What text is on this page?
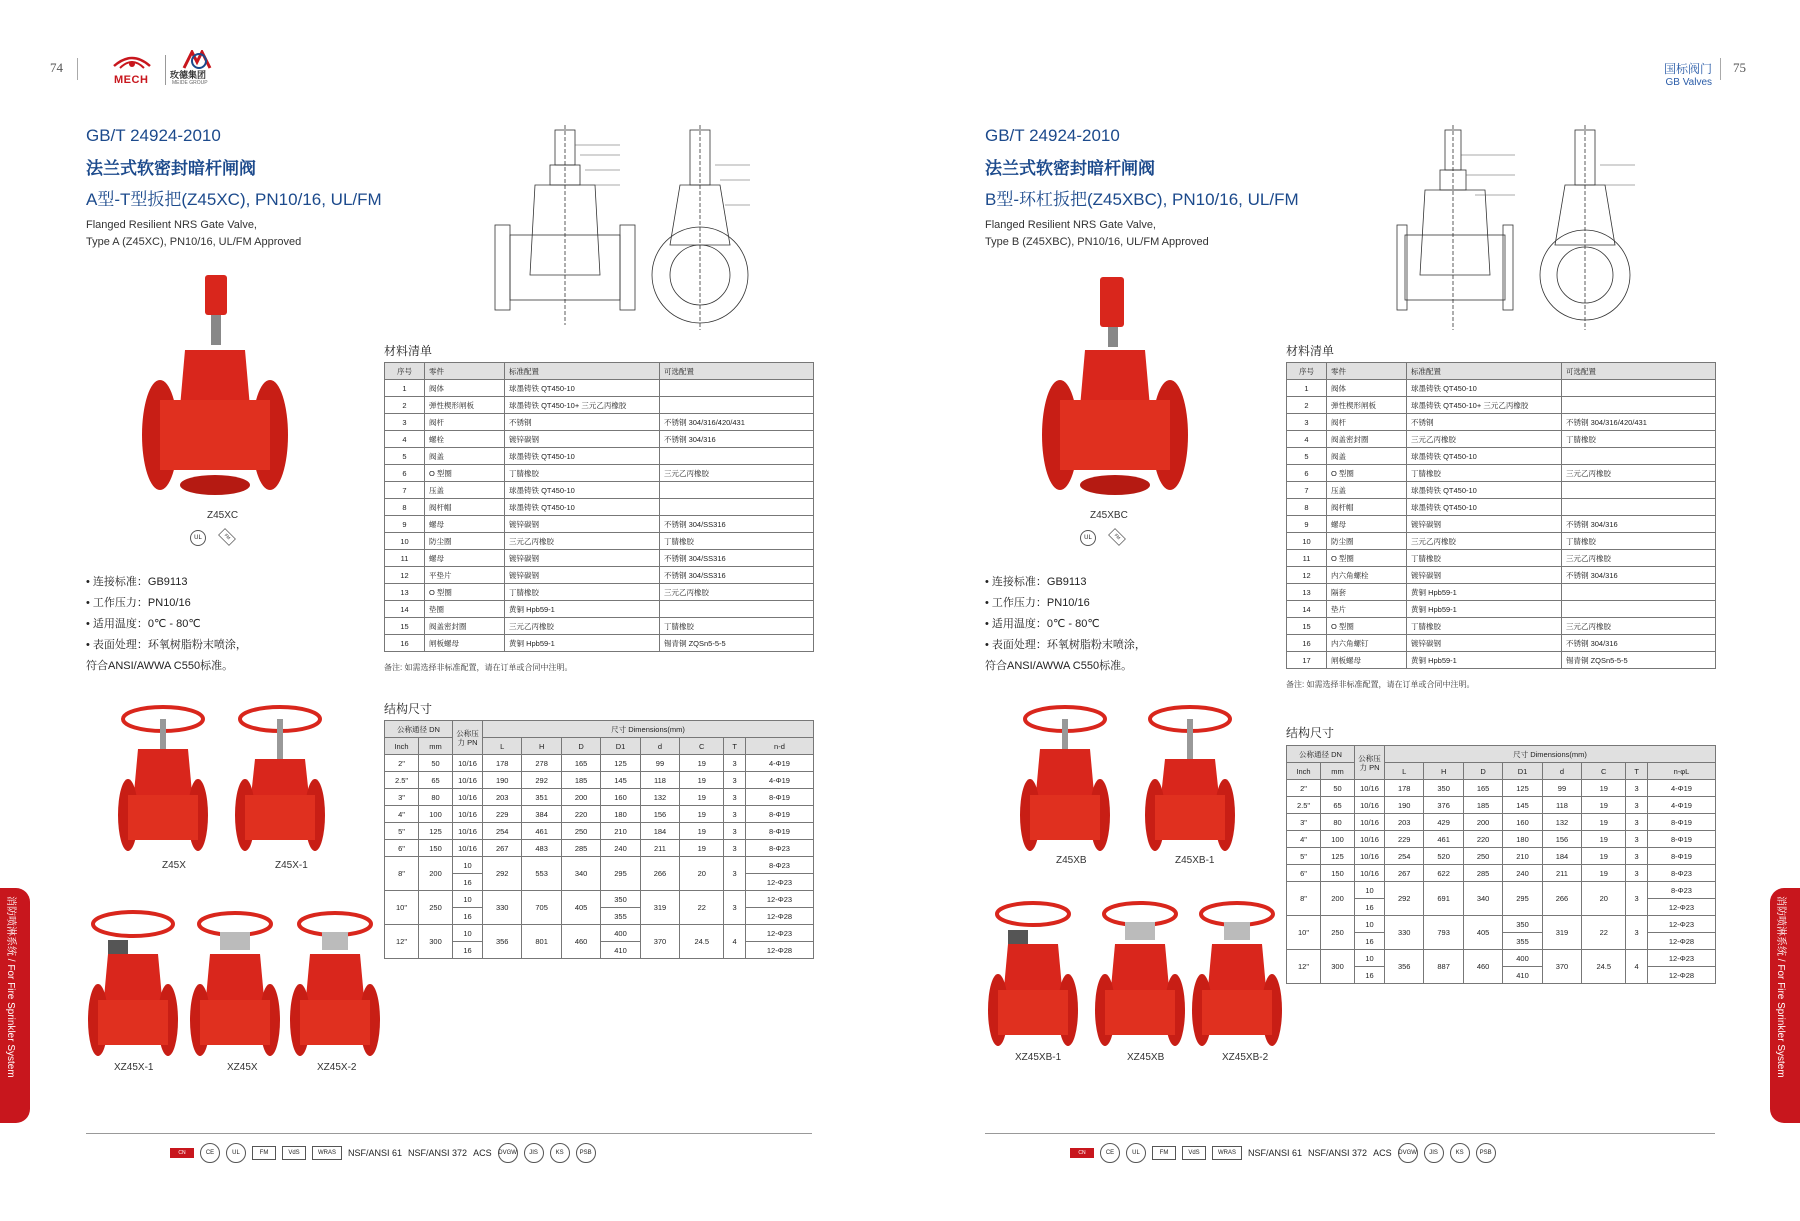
74
MECH 玫德集团
MEIDE GROUP
GB/T 24924-2010
法兰式软密封暗杆闸阀
A型-T型扳把(Z45XC), PN10/16, UL/FM
Flanged Resilient NRS Gate Valve,
Type A (Z45XC), PN10/16, UL/FM Approved
Z45XC
UL	FM
• 连接标准：GB9113
• 工作压力：PN10/16
• 适用温度：0℃ - 80℃
• 表面处理：环氧树脂粉末喷涂，
符合ANSI/AWWA C550标准。
Z45X	Z45X-1
XZ45X-1	XZ45X	XZ45X-2
材料清单
序号	零件	标准配置	可选配置
1	阀体	球墨铸铁 QT450-10	
2	弹性楔形闸板	球墨铸铁 QT450-10+ 三元乙丙橡胶	
3	阀杆	不锈钢	不锈钢 304/316/420/431
4	螺栓	镀锌碳钢	不锈钢 304/316
5	阀盖	球墨铸铁 QT450-10	
6	O 型圈	丁腈橡胶	三元乙丙橡胶
7	压盖	球墨铸铁 QT450-10	
8	阀杆帽	球墨铸铁 QT450-10	
9	螺母	镀锌碳钢	不锈钢 304/SS316
10	防尘圈	三元乙丙橡胶	丁腈橡胶
11	螺母	镀锌碳钢	不锈钢 304/SS316
12	平垫片	镀锌碳钢	不锈钢 304/SS316
13	O 型圈	丁腈橡胶	三元乙丙橡胶
14	垫圈	黄铜 Hpb59-1	
15	阀盖密封圈	三元乙丙橡胶	丁腈橡胶
16	闸板螺母	黄铜 Hpb59-1	锡青铜 ZQSn5-5-5
备注: 如需选择非标准配置，请在订单或合同中注明。
结构尺寸
公称通径 DN		公称压力 PN	尺寸 Dimensions(mm)							
Inch	mm		L	H	D	D1	d	C	T	n-d
2"	50	10/16	178	278	165	125	99	19	3	4-Φ19
2.5"	65	10/16	190	292	185	145	118	19	3	4-Φ19
3"	80	10/16	203	351	200	160	132	19	3	8-Φ19
4"	100	10/16	229	384	220	180	156	19	3	8-Φ19
5"	125	10/16	254	461	250	210	184	19	3	8-Φ19
6"	150	10/16	267	483	285	240	211	19	3	8-Φ23
8"	200	10	292	553	340	295	266	20	3	8-Φ23
		16								12-Φ23
10"	250	10	330	705	405	350	319	22	3	12-Φ23
		16				355				12-Φ28
12"	300	10	356	801	460	400	370	24.5	4	12-Φ23
		16				410				12-Φ28
国标阀门
GB Valves
75
GB/T 24924-2010
法兰式软密封暗杆闸阀
B型-环杠扳把(Z45XBC), PN10/16, UL/FM
Flanged Resilient NRS Gate Valve,
Type B (Z45XBC), PN10/16, UL/FM Approved
Z45XBC
UL	FM
• 连接标准：GB9113
• 工作压力：PN10/16
• 适用温度：0℃ - 80℃
• 表面处理：环氧树脂粉末喷涂，
符合ANSI/AWWA C550标准。
Z45XB	Z45XB-1
XZ45XB-1	XZ45XB	XZ45XB-2
材料清单
序号	零件	标准配置	可选配置
1	阀体	球墨铸铁 QT450-10	
2	弹性楔形闸板	球墨铸铁 QT450-10+ 三元乙丙橡胶	
3	阀杆	不锈钢	不锈钢 304/316/420/431
4	阀盖密封圈	三元乙丙橡胶	丁腈橡胶
5	阀盖	球墨铸铁 QT450-10	
6	O 型圈	丁腈橡胶	三元乙丙橡胶
7	压盖	球墨铸铁 QT450-10	
8	阀杆帽	球墨铸铁 QT450-10	
9	螺母	镀锌碳钢	不锈钢 304/316
10	防尘圈	三元乙丙橡胶	丁腈橡胶
11	O 型圈	丁腈橡胶	三元乙丙橡胶
12	内六角螺栓	镀锌碳钢	不锈钢 304/316
13	隔套	黄铜 Hpb59-1	
14	垫片	黄铜 Hpb59-1	
15	O 型圈	丁腈橡胶	三元乙丙橡胶
16	内六角螺钉	镀锌碳钢	不锈钢 304/316
17	闸板螺母	黄铜 Hpb59-1	锡青铜 ZQSn5-5-5
备注: 如需选择非标准配置，请在订单或合同中注明。
结构尺寸
公称通径 DN		公称压力 PN	尺寸 Dimensions(mm)							
Inch	mm		L	H	D	D1	d	C	T	n-φL
2"	50	10/16	178	350	165	125	99	19	3	4-Φ19
2.5"	65	10/16	190	376	185	145	118	19	3	4-Φ19
3"	80	10/16	203	429	200	160	132	19	3	8-Φ19
4"	100	10/16	229	461	220	180	156	19	3	8-Φ19
5"	125	10/16	254	520	250	210	184	19	3	8-Φ19
6"	150	10/16	267	622	285	240	211	19	3	8-Φ23
8"	200	10	292	691	340	295	266	20	3	8-Φ23
		16								12-Φ23
10"	250	10	330	793	405	350	319	22	3	12-Φ23
		16				355				12-Φ28
12"	300	10	356	887	460	400	370	24.5	4	12-Φ23
		16				410				12-Φ28
消防喷淋系统 / For Fire Sprinkler System	消防喷淋系统 / For Fire Sprinkler System
CN	CE	UL	FM	VdS	WRAS	NSF/ANSI 61 NSF/ANSI 372 ACS DVGW	JIS	KS	PSB	CN	CE	UL	FM	VdS	WRAS	NSF/ANSI 61 NSF/ANSI 372 ACS DVGW	JIS	KS	PSB
